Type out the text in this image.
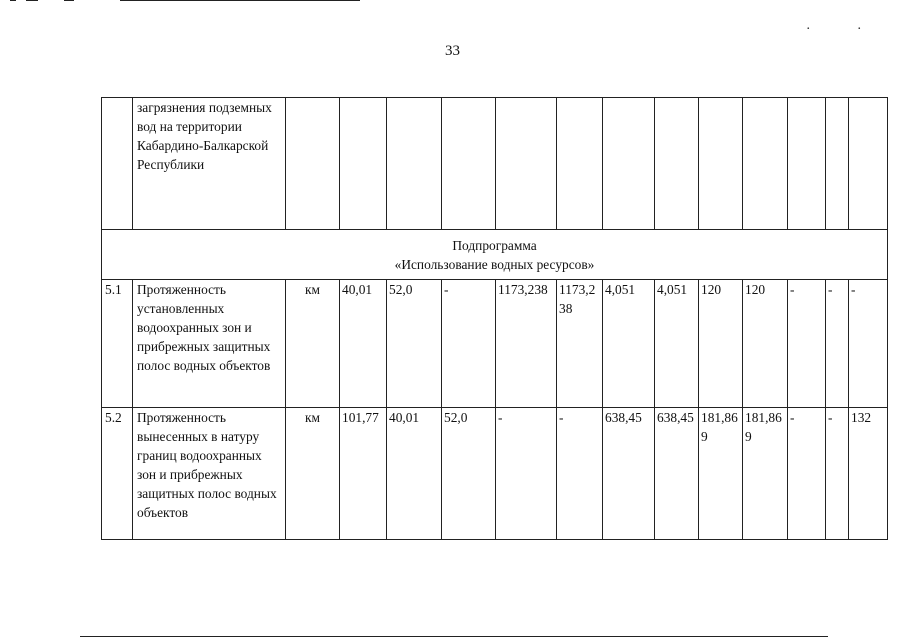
. .
33
	загрязнения подземных вод на территории Кабардино-Балкарской Республики													

Подпрограмма
«Использование водных ресурсов»														

5.1	Протяженность установленных водоохранных зон и прибрежных защитных полос водных объектов	км	40,01	52,0	-	1173,238	1173,238	4,051	4,051	120	120	-	-	-
5.2	Протяженность вынесенных в натуру границ водоохранных зон и прибрежных защитных полос водных объектов	км	101,77	40,01	52,0	-	-	638,45	638,45	181,869	181,869	-	-	132
